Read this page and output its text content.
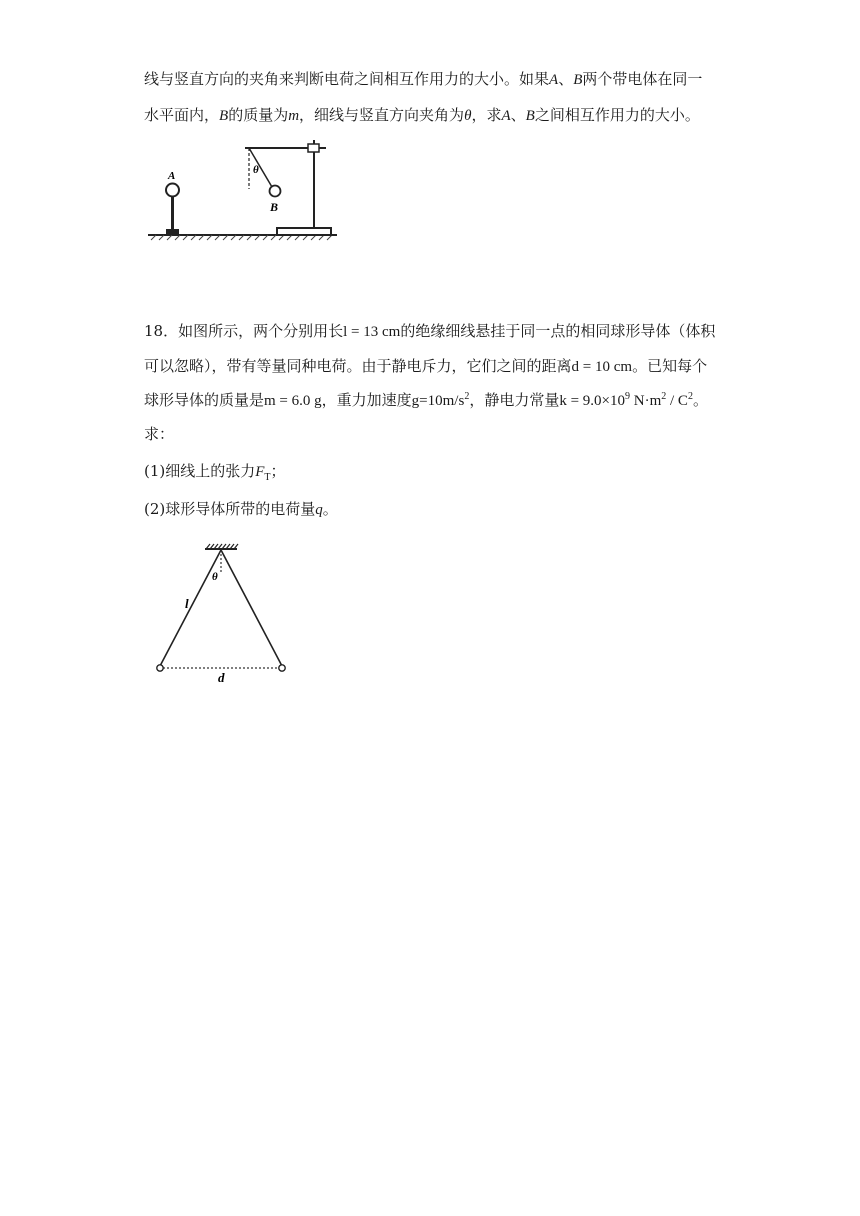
线与竖直方向的夹角来判断电荷之间相互作用力的大小。如果A、B两个带电体在同一
水平面内，B的质量为m，细线与竖直方向夹角为θ，求A、B之间相互作用力的大小。
A	θ
B
18．如图所示，两个分别用长l = 13 cm的绝缘细线悬挂于同一点的相同球形导体（体积
可以忽略），带有等量同种电荷。由于静电斥力，它们之间的距离d = 10 cm。已知每个
球形导体的质量是m = 6.0 g，重力加速度$g=10m/s^2$，静电力常量$k = 9.0\times 10^9$ $N\cdot m^2 / C^2$。
求：
(1)细线上的张力$F_T$；
(2)球形导体所带的电荷量q。
θ
l
d
